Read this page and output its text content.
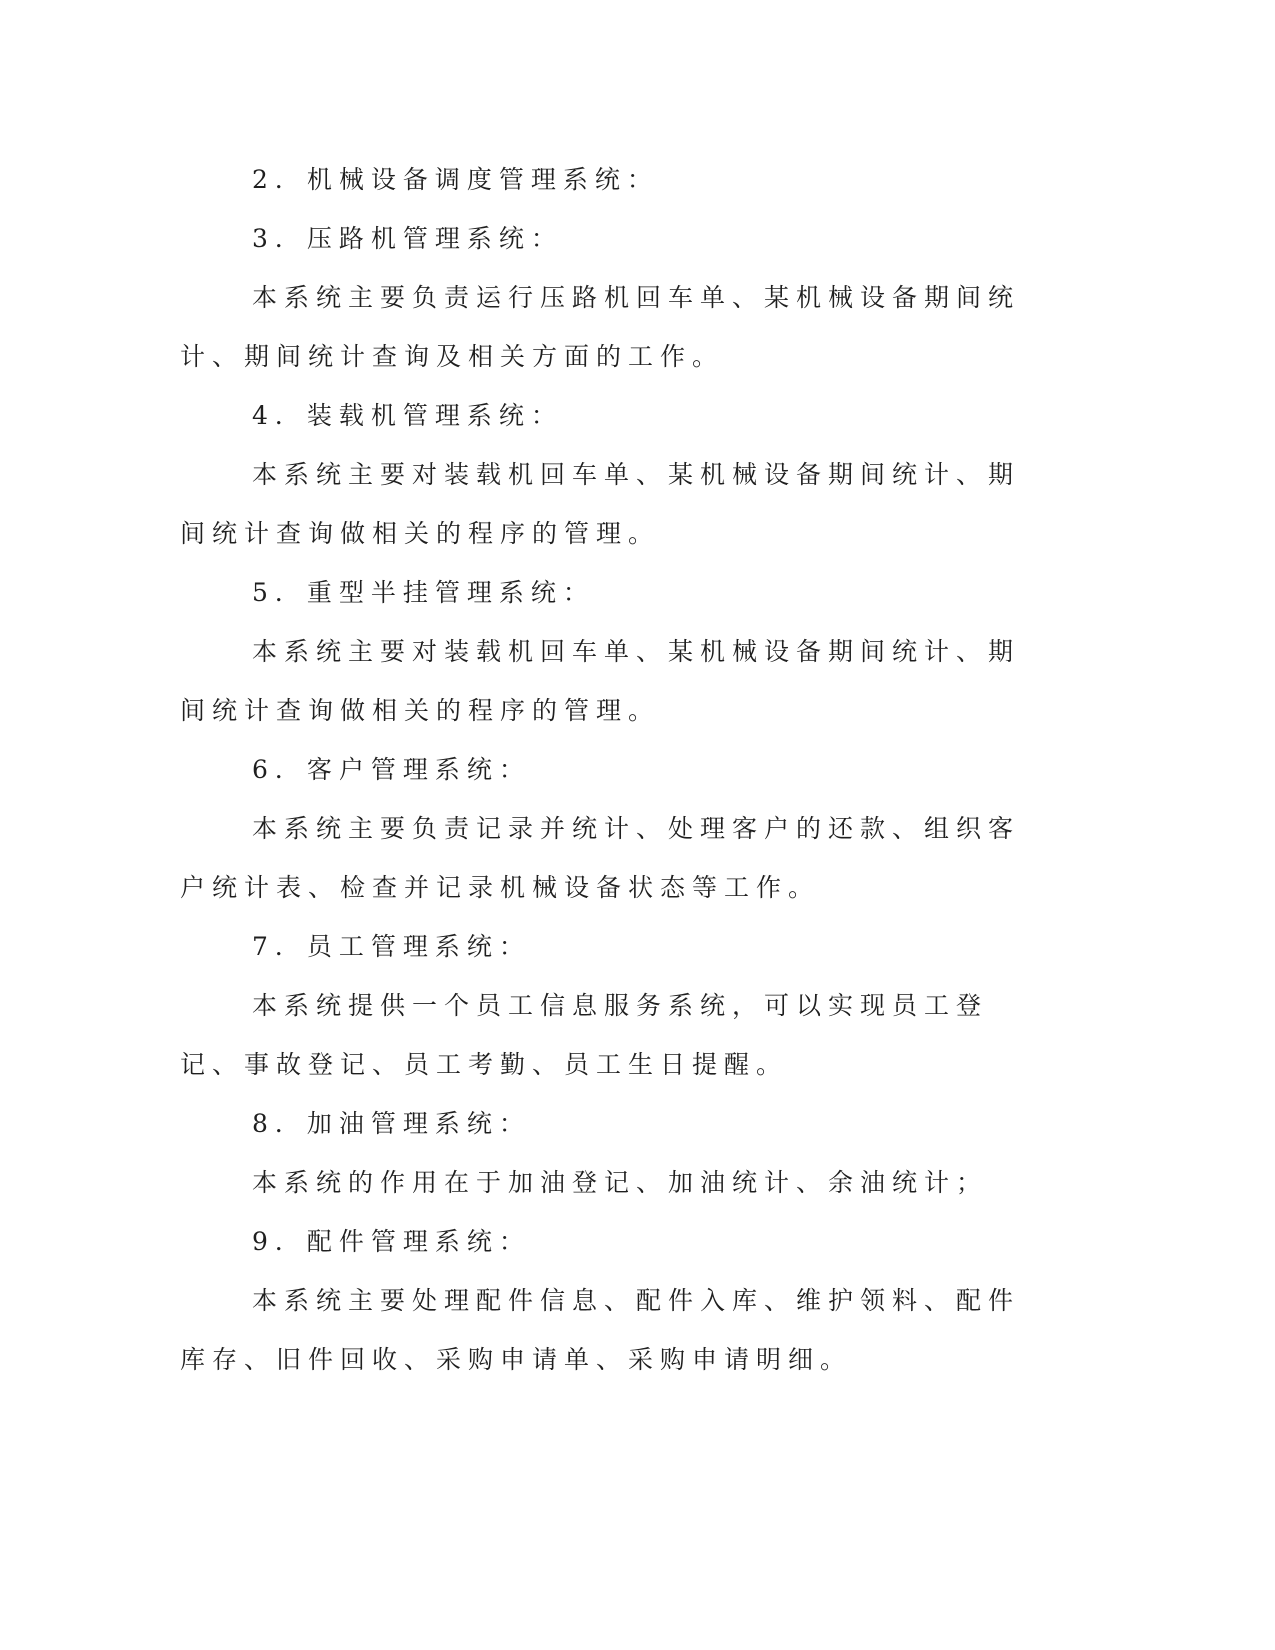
2．机械设备调度管理系统：

3．压路机管理系统：

本系统主要负责运行压路机回车单、某机械设备期间统计、期间统计查询及相关方面的工作。

4．装载机管理系统：

本系统主要对装载机回车单、某机械设备期间统计、期间统计查询做相关的程序的管理。

5．重型半挂管理系统：

本系统主要对装载机回车单、某机械设备期间统计、期间统计查询做相关的程序的管理。

6．客户管理系统：

本系统主要负责记录并统计、处理客户的还款、组织客户统计表、检查并记录机械设备状态等工作。

7．员工管理系统：

本系统提供一个员工信息服务系统，可以实现员工登记、事故登记、员工考勤、员工生日提醒。

8．加油管理系统：

本系统的作用在于加油登记、加油统计、余油统计；

9．配件管理系统：

本系统主要处理配件信息、配件入库、维护领料、配件库存、旧件回收、采购申请单、采购申请明细。
